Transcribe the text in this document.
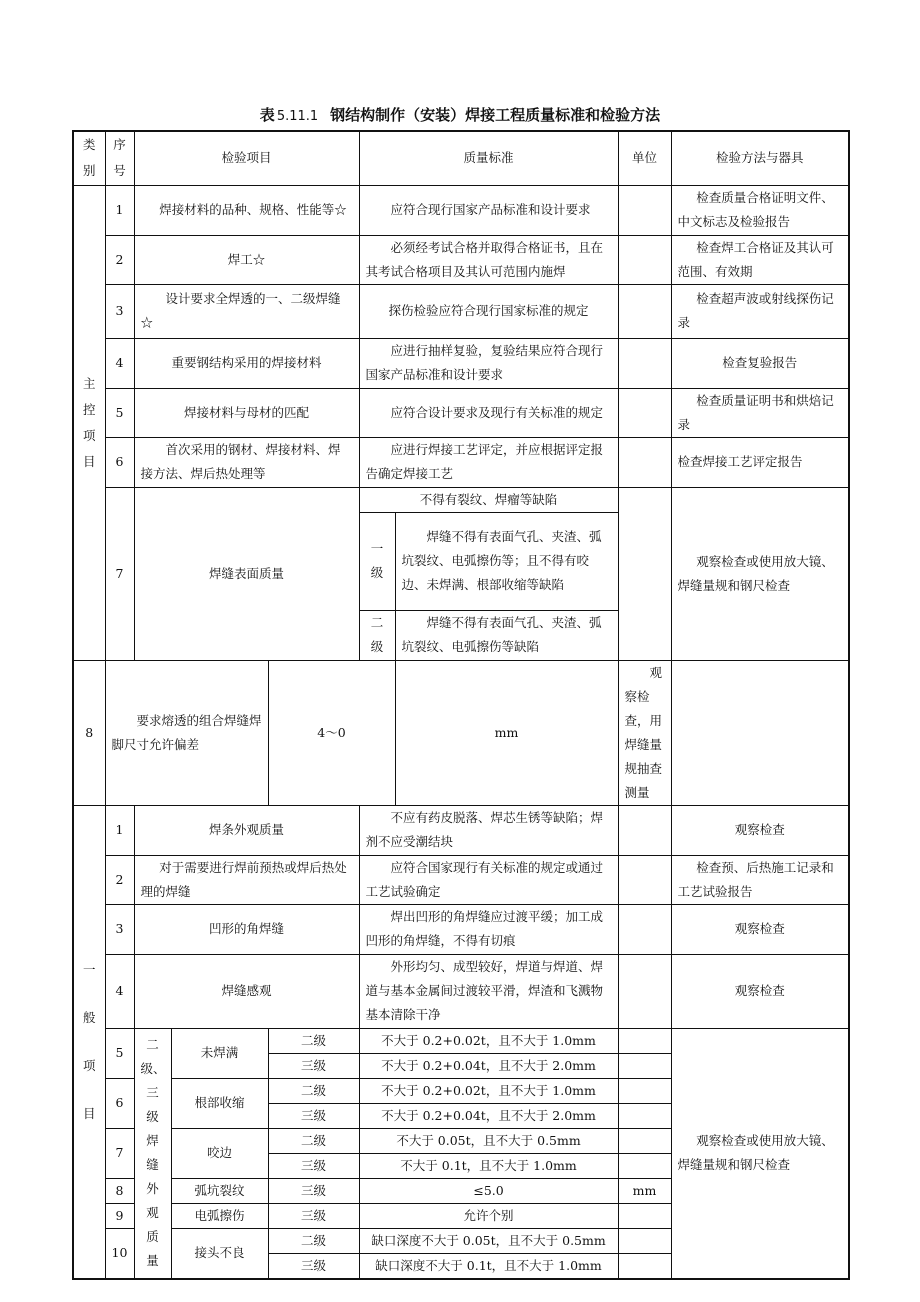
表 5.11.1 钢结构制作（安装）焊接工程质量标准和检验方法
类别	序号	检验项目			质量标准		单位	检验方法与器具
主控项目	1	焊接材料的品种、规格、性能等☆			应符合现行国家产品标准和设计要求			检查质量合格证明文件、中文标志及检验报告
	2	焊工☆			必须经考试合格并取得合格证书，且在其考试合格项目及其认可范围内施焊			检查焊工合格证及其认可范围、有效期
	3	设计要求全焊透的一、二级焊缝☆			探伤检验应符合现行国家标准的规定			检查超声波或射线探伤记录
	4	重要钢结构采用的焊接材料			应进行抽样复验，复验结果应符合现行国家产品标准和设计要求			检查复验报告
	5	焊接材料与母材的匹配			应符合设计要求及现行有关标准的规定			检查质量证明书和烘焙记录
	6	首次采用的钢材、焊接材料、焊接方法、焊后热处理等			应进行焊接工艺评定，并应根据评定报告确定焊接工艺			检查焊接工艺评定报告
	7	焊缝表面质量			不得有裂纹、焊瘤等缺陷			观察检查或使用放大镜、焊缝量规和钢尺检查
					一级	焊缝不得有表面气孔、夹渣、弧坑裂纹、电弧擦伤等；且不得有咬边、未焊满、根部收缩等缺陷		
					二级	焊缝不得有表面气孔、夹渣、弧坑裂纹、电弧擦伤等缺陷		
8	要求熔透的组合焊缝焊脚尺寸允许偏差			4～0		mm	观察检查，用焊缝量规抽查测量	
一般项目	1	焊条外观质量			不应有药皮脱落、焊芯生锈等缺陷；焊剂不应受潮结块			观察检查
	2	对于需要进行焊前预热或焊后热处理的焊缝			应符合国家现行有关标准的规定或通过工艺试验确定			检查预、后热施工记录和工艺试验报告
	3	凹形的角焊缝			焊出凹形的角焊缝应过渡平缓；加工成凹形的角焊缝，不得有切痕			观察检查
	4	焊缝感观			外形均匀、成型较好，焊道与焊道、焊道与基本金属间过渡较平滑，焊渣和飞溅物基本清除干净			观察检查
	5	二级、三级焊缝外观质量	未焊满	二级	不大于 0.2+0.02t，且不大于 1.0mm			观察检查或使用放大镜、焊缝量规和钢尺检查
				三级	不大于 0.2+0.04t，且不大于 2.0mm			
	6		根部收缩	二级	不大于 0.2+0.02t，且不大于 1.0mm			
				三级	不大于 0.2+0.04t，且不大于 2.0mm			
	7		咬边	二级	不大于 0.05t，且不大于 0.5mm			
				三级	不大于 0.1t，且不大于 1.0mm			
	8		弧坑裂纹	三级	≤5.0		mm	
	9		电弧擦伤	三级	允许个别			
	10		接头不良	二级	缺口深度不大于 0.05t，且不大于 0.5mm			
				三级	缺口深度不大于 0.1t，且不大于 1.0mm			
